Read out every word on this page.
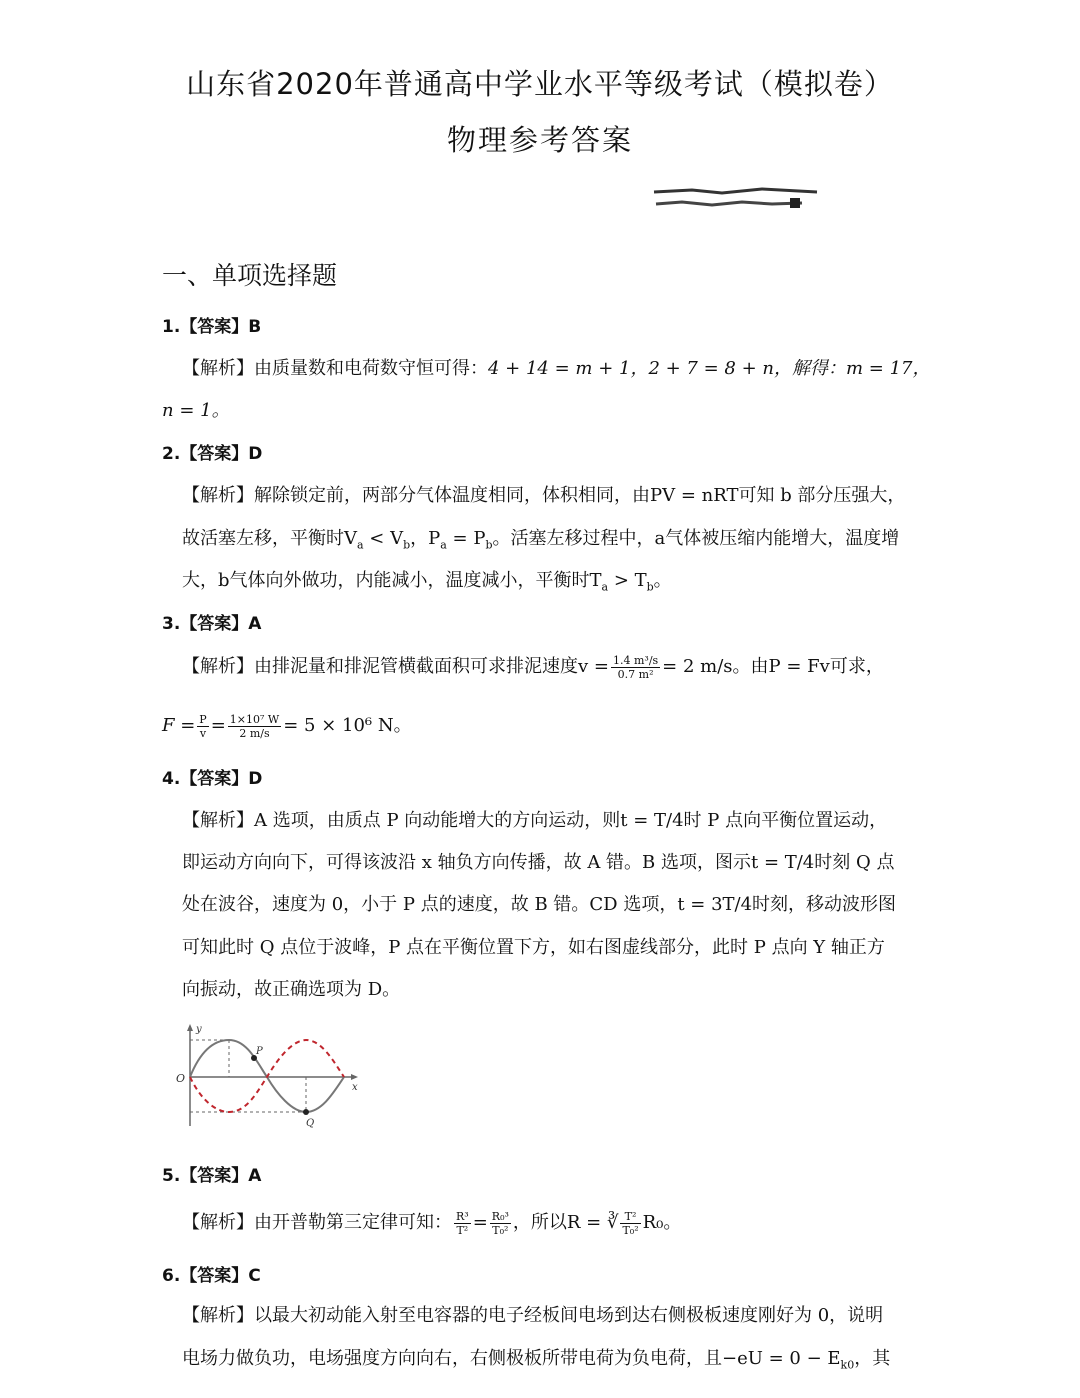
山东省2020年普通高中学业水平等级考试（模拟卷）
物理参考答案
一、单项选择题
1.【答案】B
【解析】由质量数和电荷数守恒可得：4 + 14 = m + 1，2 + 7 = 8 + n，解得：m = 17，
n = 1。
2.【答案】D
【解析】解除锁定前，两部分气体温度相同，体积相同，由PV = nRT可知 b 部分压强大，
故活塞左移，平衡时$V_a < V_b$，$P_a = P_b$。活塞左移过程中，a气体被压缩内能增大，温度增
大，b气体向外做功，内能减小，温度减小，平衡时$T_a > T_b$。
3.【答案】A
【解析】由排泥量和排泥管横截面积可求排泥速度$v = \frac{\text{1.4 m³/s}}{\text{0.7 m²}} = 2$ m/s。由P = Fv可求，
$F = \frac{P}{v} = \frac{\text{1×10⁷ W}}{2 m/s} = 5 \times 10^6$ N。
4.【答案】D
【解析】A 选项，由质点 P 向动能增大的方向运动，则t = T/4时 P 点向平衡位置运动，
即运动方向向下，可得该波沿 x 轴负方向传播，故 A 错。B 选项，图示t = T/4时刻 Q 点
处在波谷，速度为 0，小于 P 点的速度，故 B 错。CD 选项，t = 3T/4时刻，移动波形图
可知此时 Q 点位于波峰，P 点在平衡位置下方，如右图虚线部分，此时 P 点向 Y 轴正方
向振动，故正确选项为 D。
y
x
O
P
Q
5.【答案】A
【解析】由开普勒第三定律可知： $\frac{\text{R³}}{\text{T²}} = \frac{\text{R₀³}}{\text{T₀²}}$ ，所以R = ∛ $\frac{\text{T²}}{\text{T₀²}} R_0$。
6.【答案】C
【解析】以最大初动能入射至电容器的电子经板间电场到达右侧极板速度刚好为 0，说明
电场力做负功，电场强度方向向右，右侧极板所带电荷为负电荷，且$-eU = 0 - E_{k0}$，其
